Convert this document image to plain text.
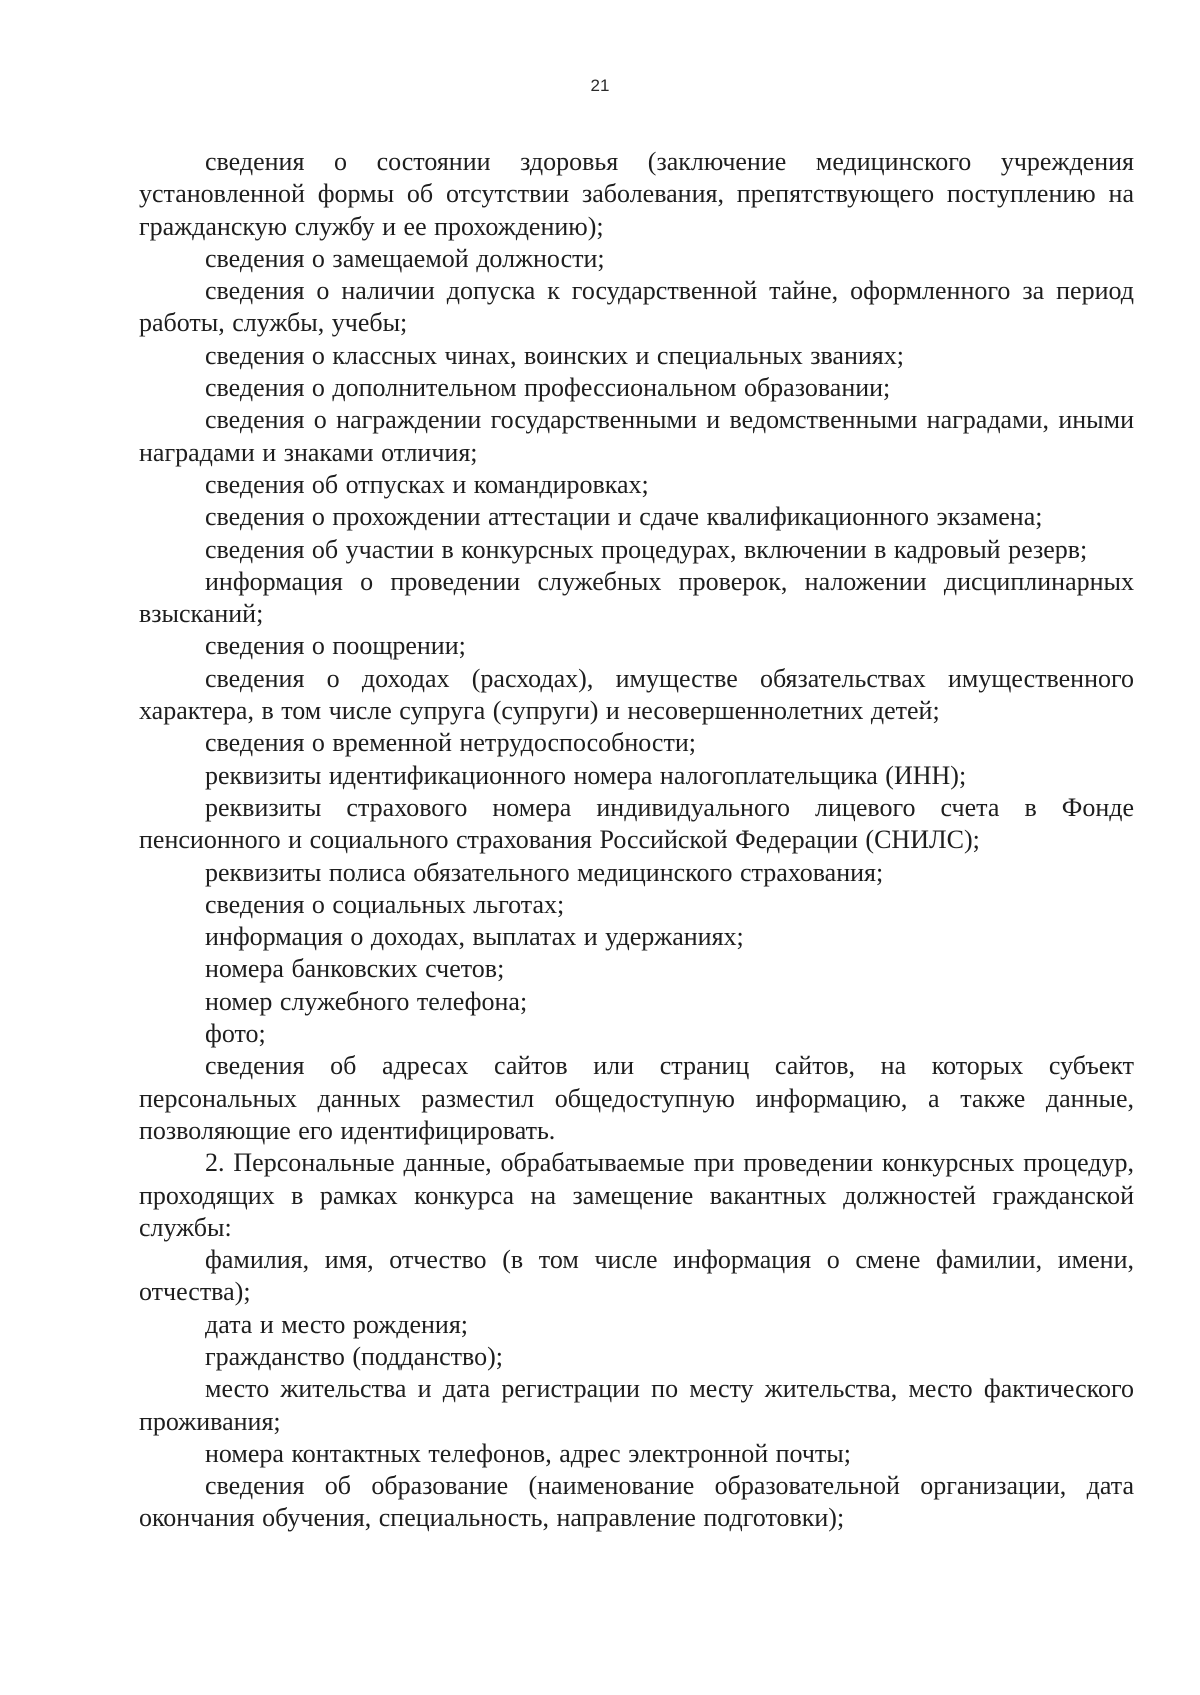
21

сведения о состоянии здоровья (заключение медицинского учреждения установленной формы об отсутствии заболевания, препятствующего поступлению на гражданскую службу и ее прохождению);

сведения о замещаемой должности;

сведения о наличии допуска к государственной тайне, оформленного за период работы, службы, учебы;

сведения о классных чинах, воинских и специальных званиях;

сведения о дополнительном профессиональном образовании;

сведения о награждении государственными и ведомственными наградами, иными наградами и знаками отличия;

сведения об отпусках и командировках;

сведения о прохождении аттестации и сдаче квалификационного экзамена;

сведения об участии в конкурсных процедурах, включении в кадровый резерв;

информация о проведении служебных проверок, наложении дисциплинарных взысканий;

сведения о поощрении;

сведения о доходах (расходах), имуществе обязательствах имущественного характера, в том числе супруга (супруги) и несовершеннолетних детей;

сведения о временной нетрудоспособности;

реквизиты идентификационного номера налогоплательщика (ИНН);

реквизиты страхового номера индивидуального лицевого счета в Фонде пенсионного и социального страхования Российской Федерации (СНИЛС);

реквизиты полиса обязательного медицинского страхования;

сведения о социальных льготах;

информация о доходах, выплатах и удержаниях;

номера банковских счетов;

номер служебного телефона;

фото;

сведения об адресах сайтов или страниц сайтов, на которых субъект персональных данных разместил общедоступную информацию, а также данные, позволяющие его идентифицировать.

2. Персональные данные, обрабатываемые при проведении конкурсных процедур, проходящих в рамках конкурса на замещение вакантных должностей гражданской службы:

фамилия, имя, отчество (в том числе информация о смене фамилии, имени, отчества);

дата и место рождения;

гражданство (подданство);

место жительства и дата регистрации по месту жительства, место фактического проживания;

номера контактных телефонов, адрес электронной почты;

сведения об образование (наименование образовательной организации, дата окончания обучения, специальность, направление подготовки);
